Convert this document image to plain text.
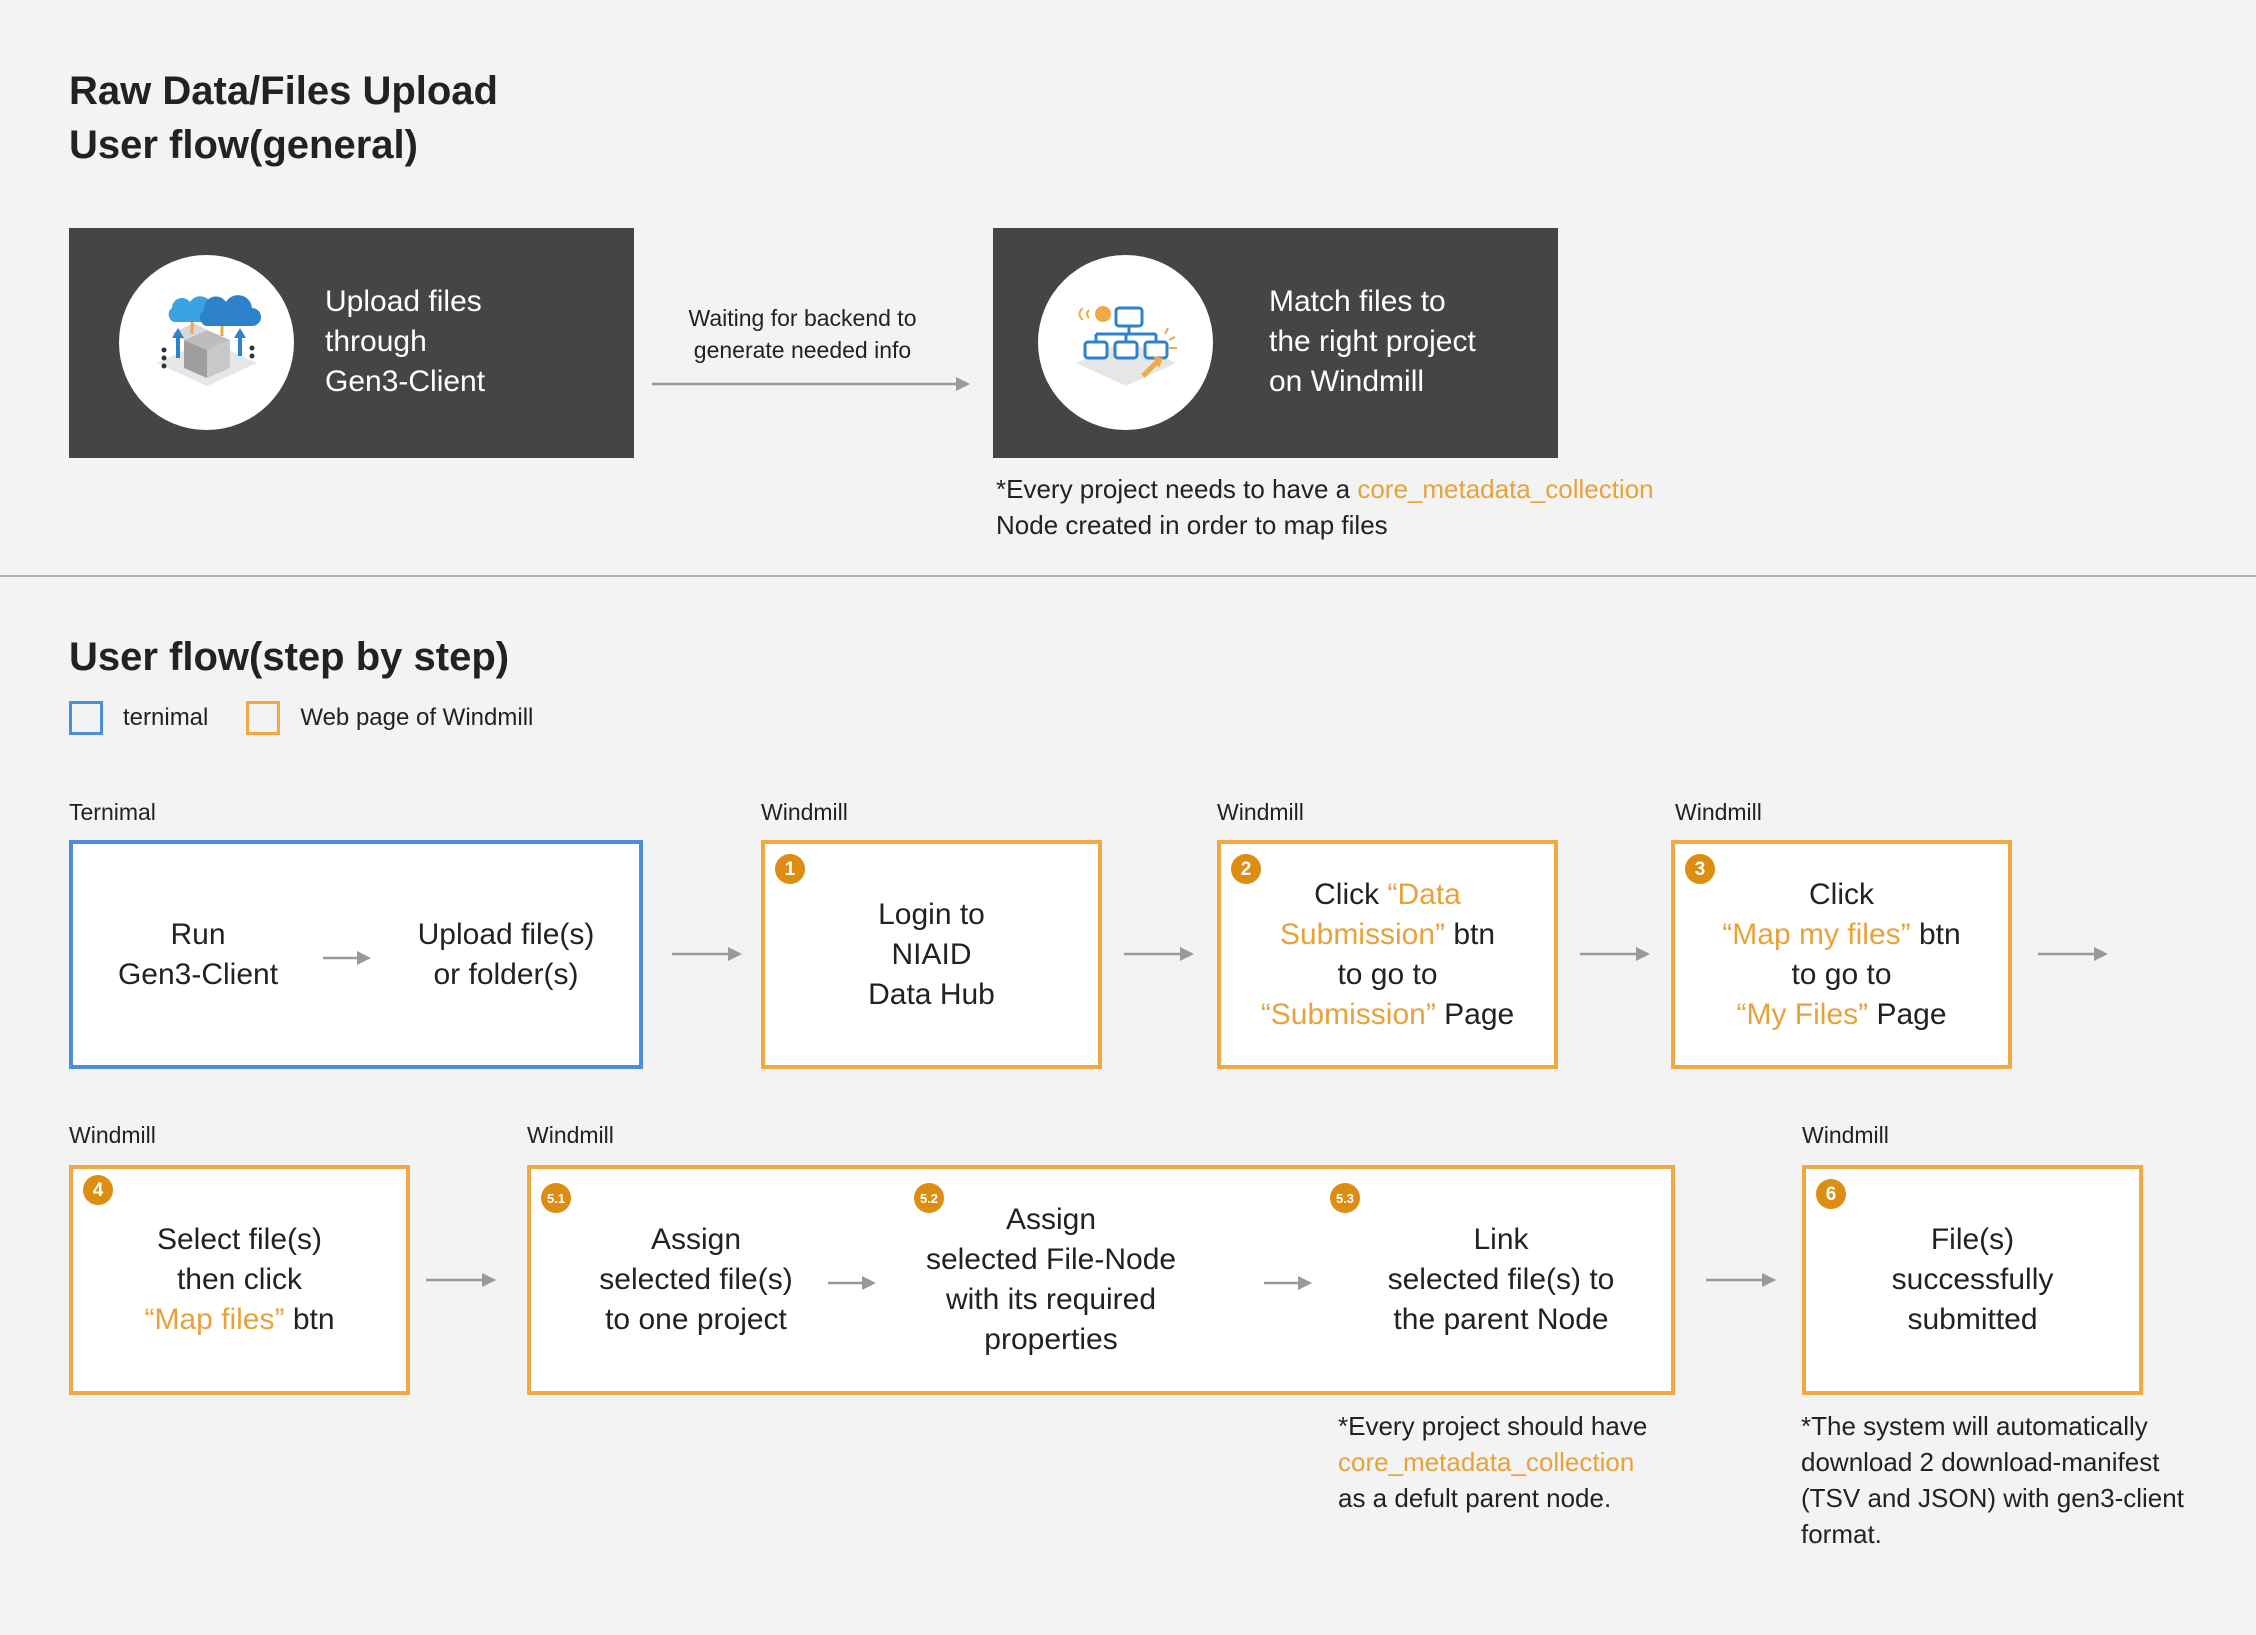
Raw Data/Files Upload
User flow(general)
Upload files
through
Gen3-Client
Waiting for backend to
generate needed info
Match files to
the right project
on Windmill
*Every project needs to have a core_metadata_collection
Node created in order to map files
User flow(step by step)
ternimal	Web page of Windmill
Ternimal	Windmill	Windmill	Windmill
Run
Gen3-Client
Upload file(s)
or folder(s)
1
Login to
NIAID
Data Hub
2
Click “Data
Submission” btn
to go to
“Submission” Page
3
Click
“Map my files” btn
to go to
“My Files” Page
Windmill	Windmill	Windmill
4
Select file(s)
then click
“Map files” btn
5.1
Assign
selected file(s)
to one project
5.2
Assign
selected File-Node
with its required
properties
5.3
Link
selected file(s) to
the parent Node
6
File(s)
successfully
submitted
*Every project should have
core_metadata_collection
as a defult parent node.
*The system will automatically
download 2 download-manifest
(TSV and JSON) with gen3-client
format.
